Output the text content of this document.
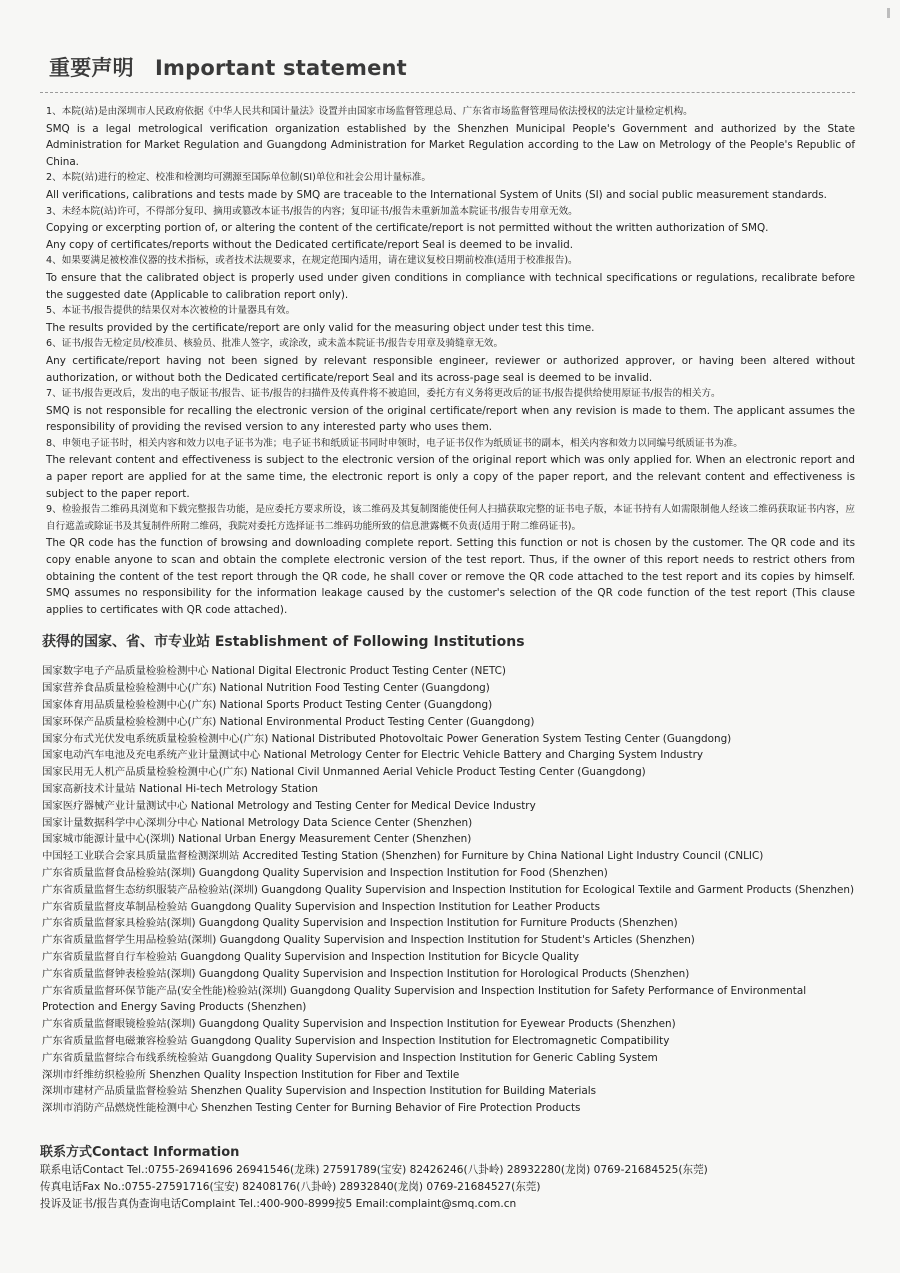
重要声明　Important statement

1、本院(站)是由深圳市人民政府依据《中华人民共和国计量法》设置并由国家市场监督管理总局、广东省市场监督管理局依法授权的法定计量检定机构。

SMQ is a legal metrological verification organization established by the Shenzhen Municipal People's Government and authorized by the State Administration for Market Regulation and Guangdong Administration for Market Regulation according to the Law on Metrology of the People's Republic of China.

2、本院(站)进行的检定、校准和检测均可溯源至国际单位制(SI)单位和社会公用计量标准。

All verifications, calibrations and tests made by SMQ are traceable to the International System of Units (SI) and social public measurement standards.

3、未经本院(站)许可，不得部分复印、摘用或篡改本证书/报告的内容；复印证书/报告未重新加盖本院证书/报告专用章无效。

Copying or excerpting portion of, or altering the content of the certificate/report is not permitted without the written authorization of SMQ.

Any copy of certificates/reports without the Dedicated certificate/report Seal is deemed to be invalid.

4、如果要满足被校准仪器的技术指标，或者技术法规要求，在规定范围内适用，请在建议复校日期前校准(适用于校准报告)。

To ensure that the calibrated object is properly used under given conditions in compliance with technical specifications or regulations, recalibrate before the suggested date (Applicable to calibration report only).

5、本证书/报告提供的结果仅对本次被检的计量器具有效。

The results provided by the certificate/report are only valid for the measuring object under test this time.

6、证书/报告无检定员/校准员、核验员、批准人签字，或涂改，或未盖本院证书/报告专用章及骑缝章无效。

Any certificate/report having not been signed by relevant responsible engineer, reviewer or authorized approver, or having been altered without authorization, or without both the Dedicated certificate/report Seal and its across-page seal is deemed to be invalid.

7、证书/报告更改后，发出的电子版证书/报告、证书/报告的扫描件及传真件将不被追回，委托方有义务将更改后的证书/报告提供给使用原证书/报告的相关方。

SMQ is not responsible for recalling the electronic version of the original certificate/report when any revision is made to them. The applicant assumes the responsibility of providing the revised version to any interested party who uses them.

8、申领电子证书时，相关内容和效力以电子证书为准；电子证书和纸质证书同时申领时，电子证书仅作为纸质证书的副本，相关内容和效力以同编号纸质证书为准。

The relevant content and effectiveness is subject to the electronic version of the original report which was only applied for. When an electronic report and a paper report are applied for at the same time, the electronic report is only a copy of the paper report, and the relevant content and effectiveness is subject to the paper report.

9、检验报告二维码具浏览和下载完整报告功能，是应委托方要求所设，该二维码及其复制图能使任何人扫描获取完整的证书电子版，本证书持有人如需限制他人经该二维码获取证书内容，应自行遮盖或除证书及其复制件所附二维码，我院对委托方选择证书二维码功能所致的信息泄露概不负责(适用于附二维码证书)。

The QR code has the function of browsing and downloading complete report. Setting this function or not is chosen by the customer. The QR code and its copy enable anyone to scan and obtain the complete electronic version of the test report. Thus, if the owner of this report needs to restrict others from obtaining the content of the test report through the QR code, he shall cover or remove the QR code attached to the test report and its copies by himself. SMQ assumes no responsibility for the information leakage caused by the customer's selection of the QR code function of the test report (This clause applies to certificates with QR code attached).

获得的国家、省、市专业站 Establishment of Following Institutions

国家数字电子产品质量检验检测中心 National Digital Electronic Product Testing Center (NETC)

国家营养食品质量检验检测中心(广东) National Nutrition Food Testing Center (Guangdong)

国家体育用品质量检验检测中心(广东) National Sports Product Testing Center (Guangdong)

国家环保产品质量检验检测中心(广东) National Environmental Product Testing Center (Guangdong)

国家分布式光伏发电系统质量检验检测中心(广东) National Distributed Photovoltaic Power Generation System Testing Center (Guangdong)

国家电动汽车电池及充电系统产业计量测试中心 National Metrology Center for Electric Vehicle Battery and Charging System Industry

国家民用无人机产品质量检验检测中心(广东) National Civil Unmanned Aerial Vehicle Product Testing Center (Guangdong)

国家高新技术计量站 National Hi-tech Metrology Station

国家医疗器械产业计量测试中心 National Metrology and Testing Center for Medical Device Industry

国家计量数据科学中心深圳分中心 National Metrology Data Science Center (Shenzhen)

国家城市能源计量中心(深圳) National Urban Energy Measurement Center (Shenzhen)

中国轻工业联合会家具质量监督检测深圳站 Accredited Testing Station (Shenzhen) for Furniture by China National Light Industry Council (CNLIC)

广东省质量监督食品检验站(深圳) Guangdong Quality Supervision and Inspection Institution for Food (Shenzhen)

广东省质量监督生态纺织服装产品检验站(深圳) Guangdong Quality Supervision and Inspection Institution for Ecological Textile and Garment Products (Shenzhen)

广东省质量监督皮革制品检验站 Guangdong Quality Supervision and Inspection Institution for Leather Products

广东省质量监督家具检验站(深圳) Guangdong Quality Supervision and Inspection Institution for Furniture Products (Shenzhen)

广东省质量监督学生用品检验站(深圳) Guangdong Quality Supervision and Inspection Institution for Student's Articles (Shenzhen)

广东省质量监督自行车检验站 Guangdong Quality Supervision and Inspection Institution for Bicycle Quality

广东省质量监督钟表检验站(深圳) Guangdong Quality Supervision and Inspection Institution for Horological Products (Shenzhen)

广东省质量监督环保节能产品(安全性能)检验站(深圳) Guangdong Quality Supervision and Inspection Institution for Safety Performance of Environmental Protection and Energy Saving Products (Shenzhen)

广东省质量监督眼镜检验站(深圳) Guangdong Quality Supervision and Inspection Institution for Eyewear Products (Shenzhen)

广东省质量监督电磁兼容检验站 Guangdong Quality Supervision and Inspection Institution for Electromagnetic Compatibility

广东省质量监督综合布线系统检验站 Guangdong Quality Supervision and Inspection Institution for Generic Cabling System

深圳市纤维纺织检验所 Shenzhen Quality Inspection Institution for Fiber and Textile

深圳市建材产品质量监督检验站 Shenzhen Quality Supervision and Inspection Institution for Building Materials

深圳市消防产品燃烧性能检测中心 Shenzhen Testing Center for Burning Behavior of Fire Protection Products

联系方式Contact Information

联系电话Contact Tel.:0755-26941696 26941546(龙珠) 27591789(宝安) 82426246(八卦岭) 28932280(龙岗) 0769-21684525(东莞)

传真电话Fax No.:0755-27591716(宝安) 82408176(八卦岭) 28932840(龙岗) 0769-21684527(东莞)

投诉及证书/报告真伪查询电话Complaint Tel.:400-900-8999按5 Email:complaint@smq.com.cn
